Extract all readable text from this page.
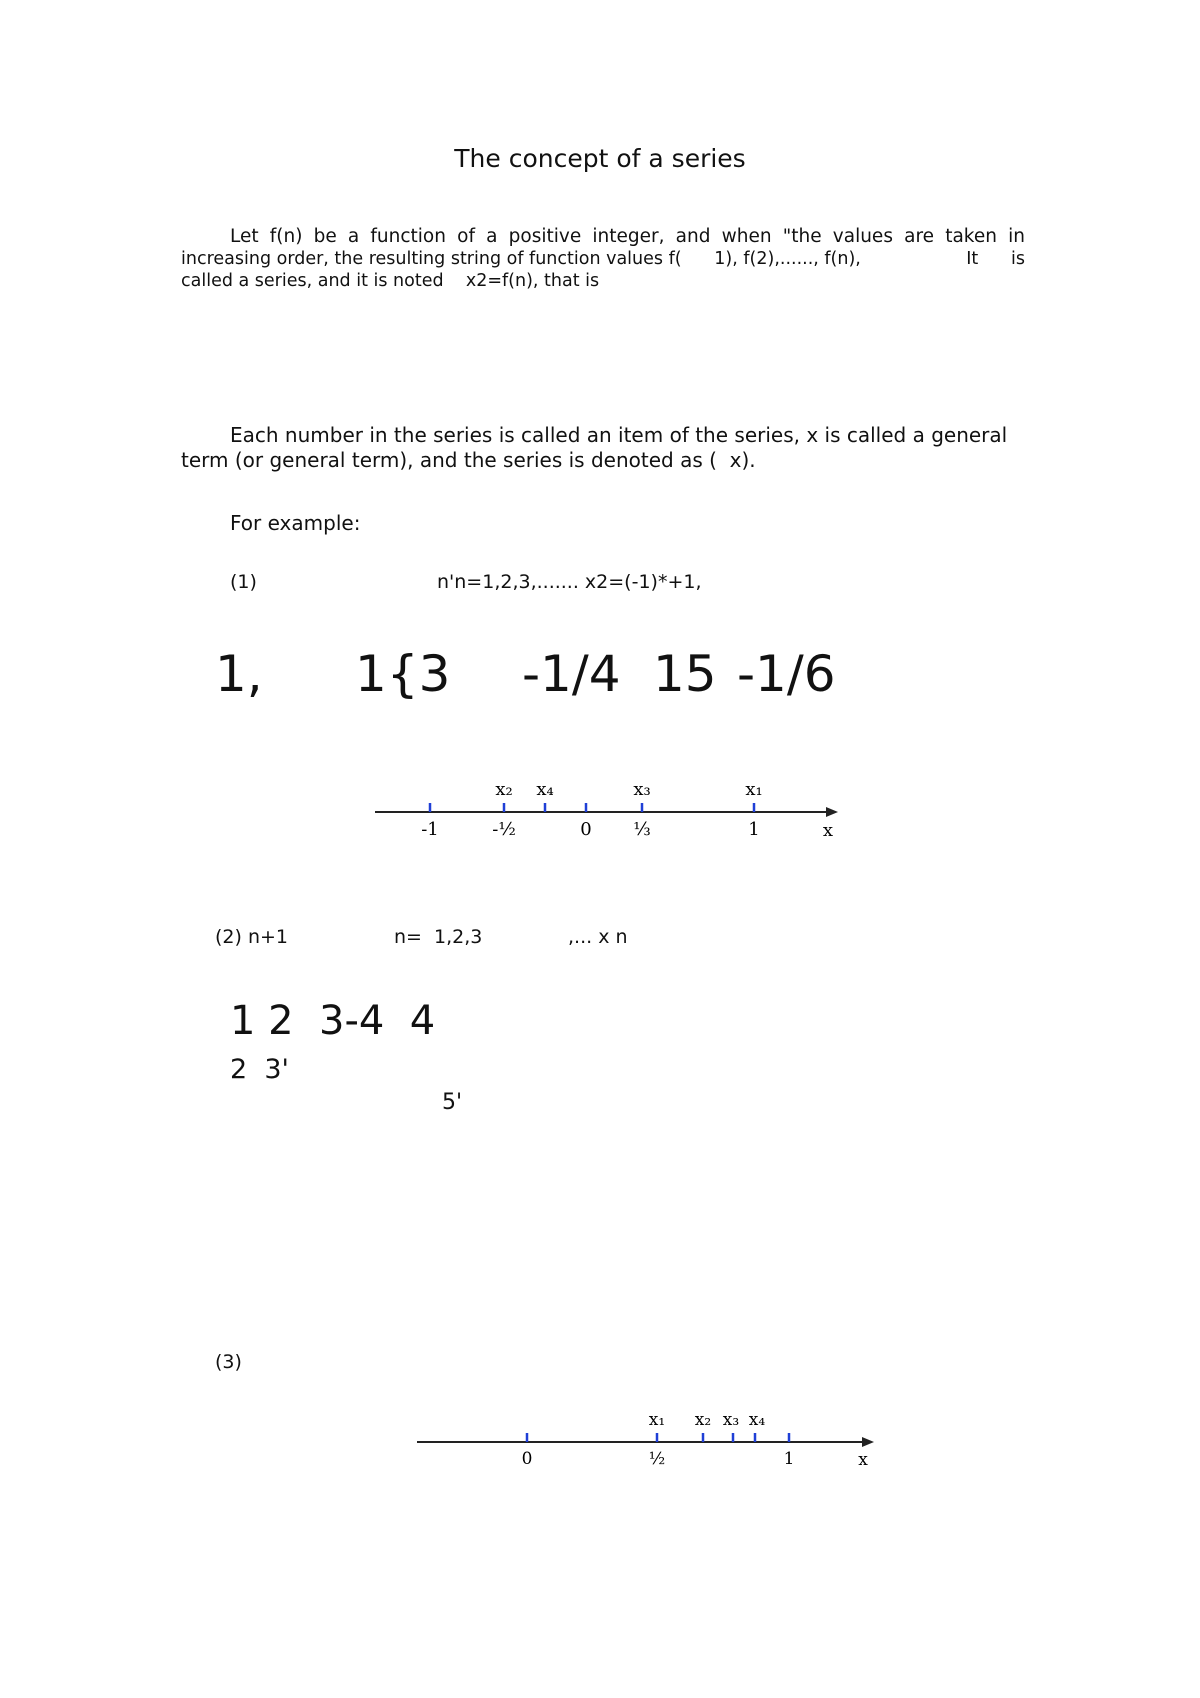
The concept of a series
Let f(n) be a function of a positive integer, and when "the values are taken in
increasing order, the resulting string of function values f( 1), f(2),......, f(n),	It is
called a series, and it is noted    x2=f(n), that is
Each number in the series is called an item of the series, x is called a general
term (or general term), and the series is denoted as (  x).
For example:
(1)	n'n=1,2,3,....... x2=(-1)*+1,
1, 1{3 -1/4 15 -1/6
x₂ x₄	x₃	x₁
-1	-½	0 ⅓	1	x
(2) n+1	n=  1,2,3	,... x n
1 2  3-4  4
2  3'
5'
(3)
x₁ x₂ x₃ x₄
0	½	1	x
